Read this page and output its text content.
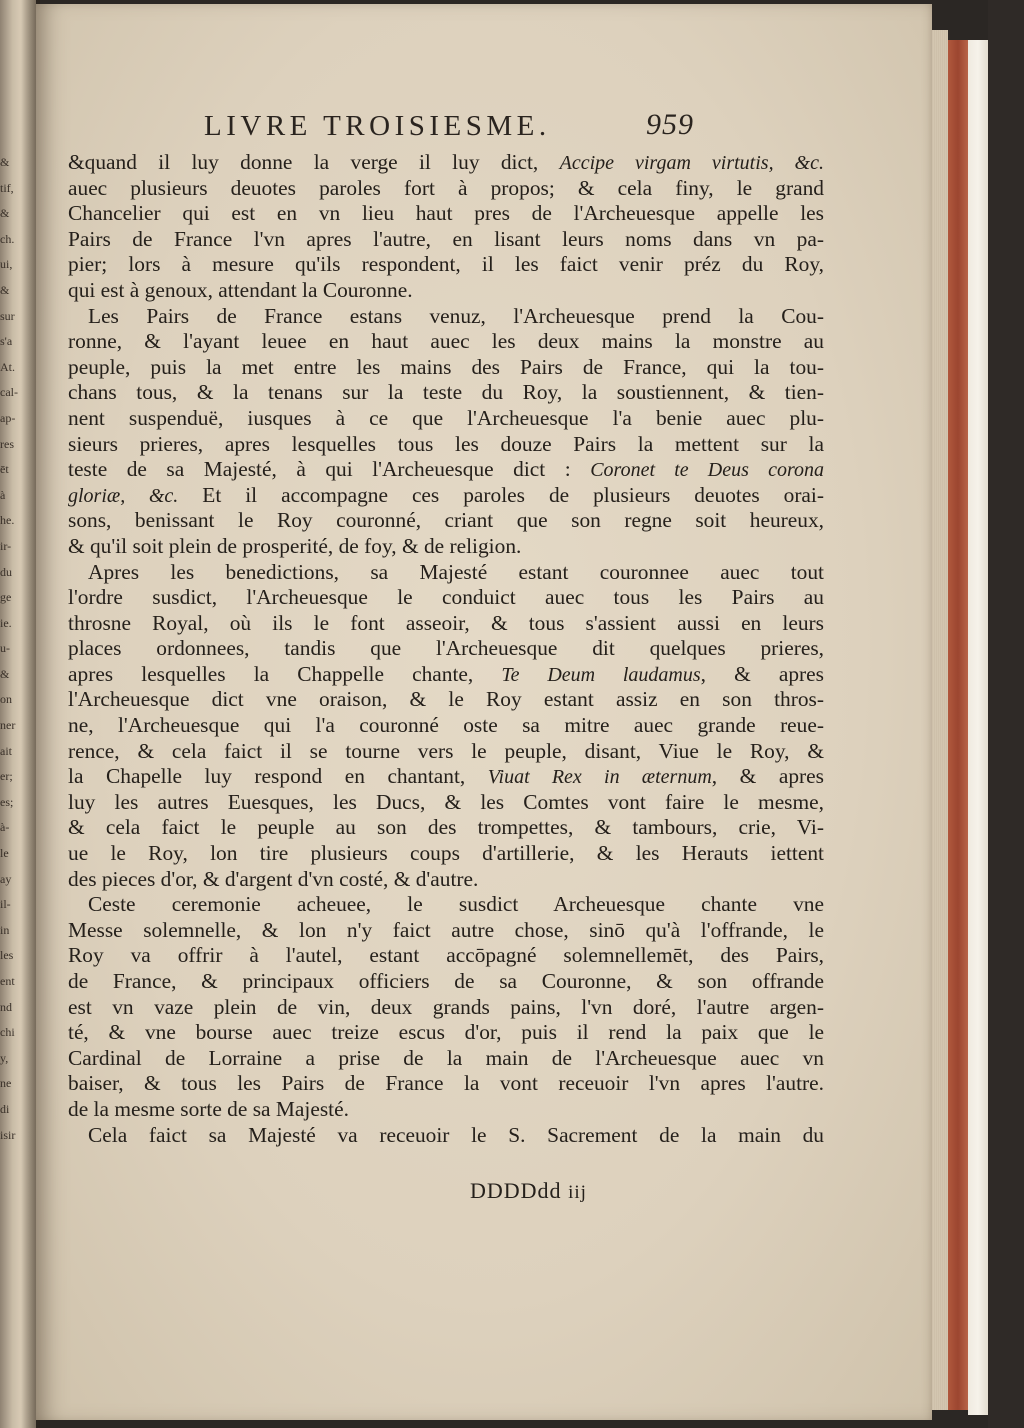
&
tif,
&
ch.
ui,
&
sur
s'a
At.
cal-
ap-
res
ēt
à
he.
ir-
du
ge
ie.
u-
&
on
ner
ait
er;
es;
à-
le
ay
il-
in
les
ent
nd
chi
y,
ne
di
isir
LIVRE TROISIESME.	959
&quand il luy donne la verge il luy dict, Accipe virgam virtutis, &c.
auec plusieurs deuotes paroles fort à propos; & cela finy, le grand
Chancelier qui est en vn lieu haut pres de l'Archeuesque appelle les
Pairs de France l'vn apres l'autre, en lisant leurs noms dans vn pa-
pier; lors à mesure qu'ils respondent, il les faict venir préz du Roy,
qui est à genoux, attendant la Couronne.
Les Pairs de France estans venuz, l'Archeuesque prend la Cou-
ronne, & l'ayant leuee en haut auec les deux mains la monstre au
peuple, puis la met entre les mains des Pairs de France, qui la tou-
chans tous, & la tenans sur la teste du Roy, la soustiennent, & tien-
nent suspenduë, iusques à ce que l'Archeuesque l'a benie auec plu-
sieurs prieres, apres lesquelles tous les douze Pairs la mettent sur la
teste de sa Majesté, à qui l'Archeuesque dict : Coronet te Deus corona
gloriæ, &c. Et il accompagne ces paroles de plusieurs deuotes orai-
sons, benissant le Roy couronné, criant que son regne soit heureux,
& qu'il soit plein de prosperité, de foy, & de religion.
Apres les benedictions, sa Majesté estant couronnee auec tout
l'ordre susdict, l'Archeuesque le conduict auec tous les Pairs au
throsne Royal, où ils le font asseoir, & tous s'assient aussi en leurs
places ordonnees, tandis que l'Archeuesque dit quelques prieres,
apres lesquelles la Chappelle chante, Te Deum laudamus, & apres
l'Archeuesque dict vne oraison, & le Roy estant assiz en son thros-
ne, l'Archeuesque qui l'a couronné oste sa mitre auec grande reue-
rence, & cela faict il se tourne vers le peuple, disant, Viue le Roy, &
la Chapelle luy respond en chantant, Viuat Rex in æternum, & apres
luy les autres Euesques, les Ducs, & les Comtes vont faire le mesme,
& cela faict le peuple au son des trompettes, & tambours, crie, Vi-
ue le Roy, lon tire plusieurs coups d'artillerie, & les Herauts iettent
des pieces d'or, & d'argent d'vn costé, & d'autre.
Ceste ceremonie acheuee, le susdict Archeuesque chante vne
Messe solemnelle, & lon n'y faict autre chose, sinō qu'à l'offrande, le
Roy va offrir à l'autel, estant accōpagné solemnellemēt, des Pairs,
de France, & principaux officiers de sa Couronne, & son offrande
est vn vaze plein de vin, deux grands pains, l'vn doré, l'autre argen-
té, & vne bourse auec treize escus d'or, puis il rend la paix que le
Cardinal de Lorraine a prise de la main de l'Archeuesque auec vn
baiser, & tous les Pairs de France la vont receuoir l'vn apres l'autre.
de la mesme sorte de sa Majesté.
Cela faict sa Majesté va receuoir le S. Sacrement de la main du
DDDDdd iij
